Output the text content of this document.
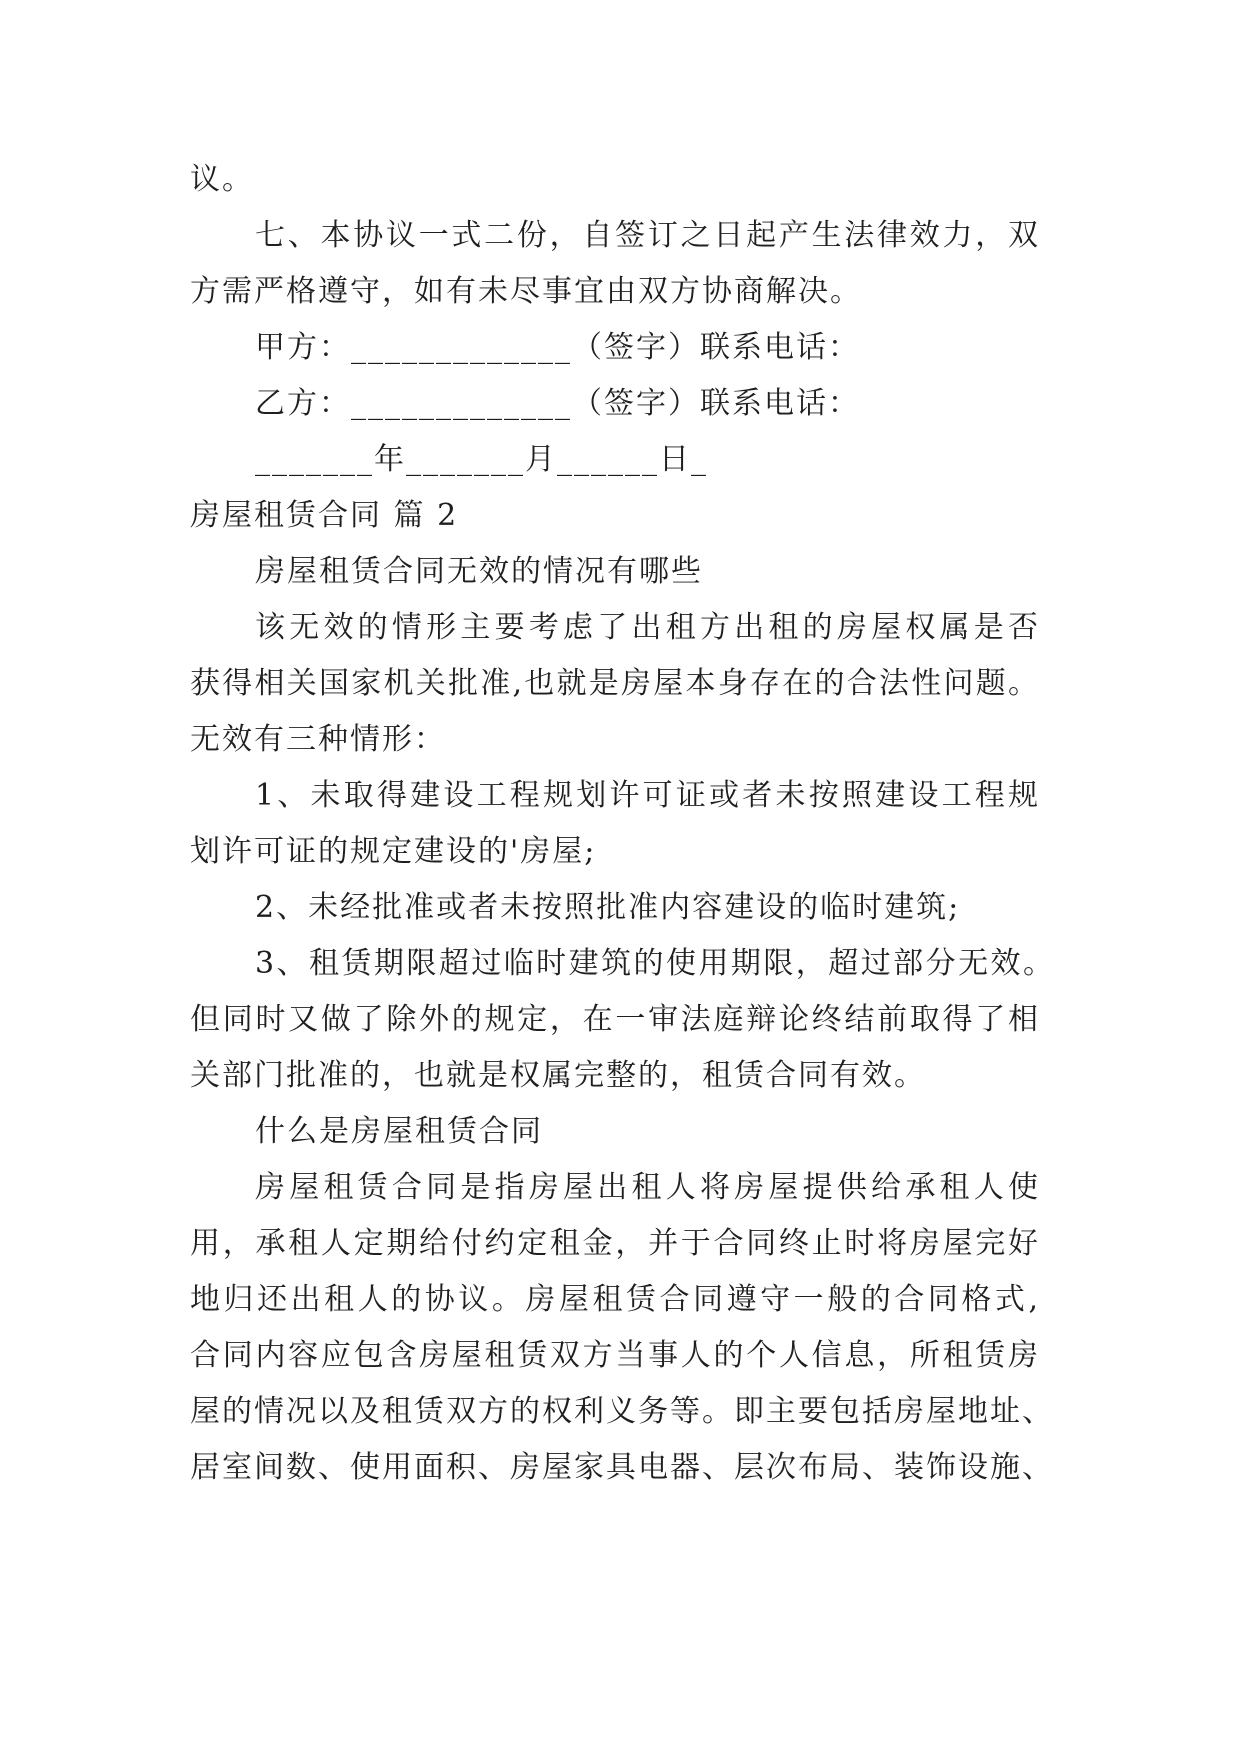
议。
七、本协议一式二份，自签订之日起产生法律效力，双
方需严格遵守，如有未尽事宜由双方协商解决。
甲方：_____________（签字）联系电话：
乙方：_____________（签字）联系电话：
_______年_______月______日_
房屋租赁合同 篇 2
房屋租赁合同无效的情况有哪些
该无效的情形主要考虑了出租方出租的房屋权属是否
获得相关国家机关批准,也就是房屋本身存在的合法性问题。
无效有三种情形：
1、未取得建设工程规划许可证或者未按照建设工程规
划许可证的规定建设的'房屋;
2、未经批准或者未按照批准内容建设的临时建筑;
3、租赁期限超过临时建筑的使用期限，超过部分无效。
但同时又做了除外的规定，在一审法庭辩论终结前取得了相
关部门批准的，也就是权属完整的，租赁合同有效。
什么是房屋租赁合同
房屋租赁合同是指房屋出租人将房屋提供给承租人使
用，承租人定期给付约定租金，并于合同终止时将房屋完好
地归还出租人的协议。房屋租赁合同遵守一般的合同格式,
合同内容应包含房屋租赁双方当事人的个人信息，所租赁房
屋的情况以及租赁双方的权利义务等。即主要包括房屋地址、
居室间数、使用面积、房屋家具电器、层次布局、装饰设施、
